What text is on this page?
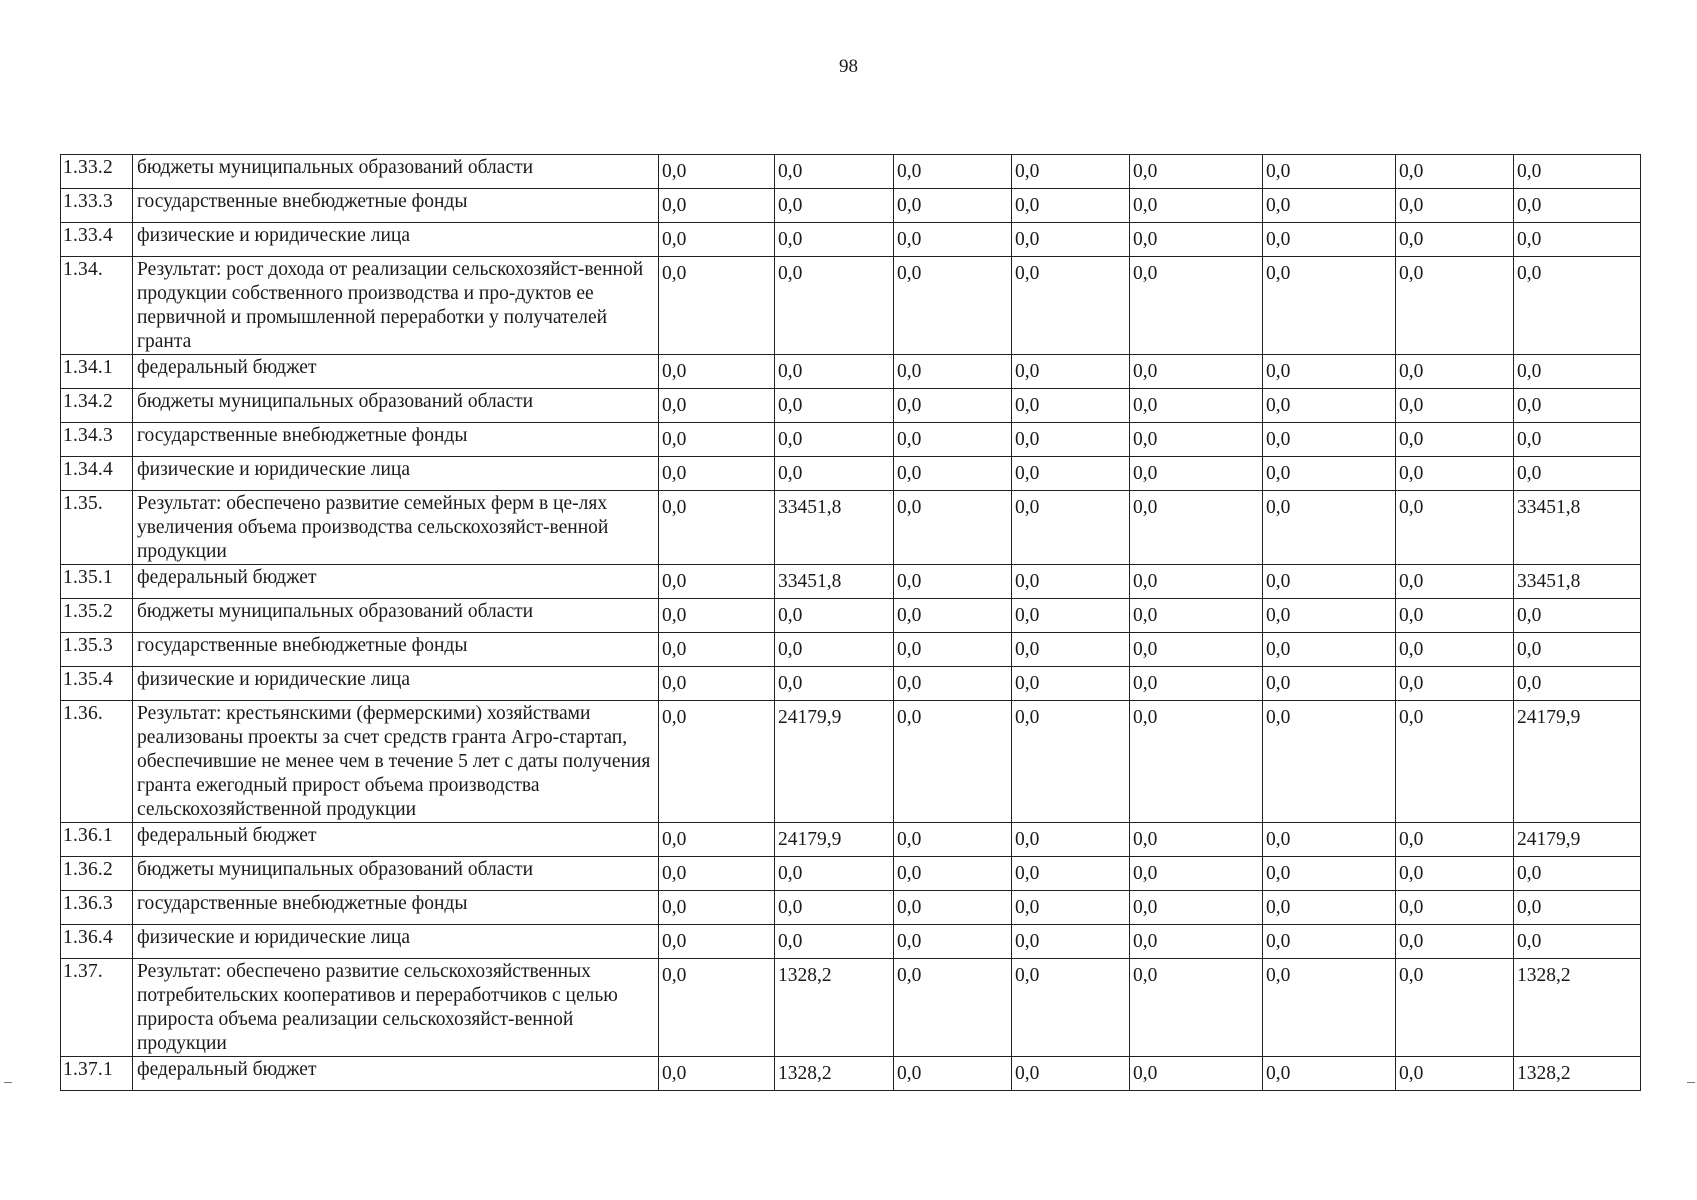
98
1.33.2	бюджеты муниципальных образований области	0,0	0,0	0,0	0,0	0,0	0,0	0,0	0,0
1.33.3	государственные внебюджетные фонды	0,0	0,0	0,0	0,0	0,0	0,0	0,0	0,0
1.33.4	физические и юридические лица	0,0	0,0	0,0	0,0	0,0	0,0	0,0	0,0
1.34.	Результат: рост дохода от реализации сельскохозяйст-венной продукции собственного производства и про-дуктов ее первичной и промышленной переработки у получателей гранта	0,0	0,0	0,0	0,0	0,0	0,0	0,0	0,0
1.34.1	федеральный бюджет	0,0	0,0	0,0	0,0	0,0	0,0	0,0	0,0
1.34.2	бюджеты муниципальных образований области	0,0	0,0	0,0	0,0	0,0	0,0	0,0	0,0
1.34.3	государственные внебюджетные фонды	0,0	0,0	0,0	0,0	0,0	0,0	0,0	0,0
1.34.4	физические и юридические лица	0,0	0,0	0,0	0,0	0,0	0,0	0,0	0,0
1.35.	Результат: обеспечено развитие семейных ферм в це-лях увеличения объема производства сельскохозяйст-венной продукции	0,0	33451,8	0,0	0,0	0,0	0,0	0,0	33451,8
1.35.1	федеральный бюджет	0,0	33451,8	0,0	0,0	0,0	0,0	0,0	33451,8
1.35.2	бюджеты муниципальных образований области	0,0	0,0	0,0	0,0	0,0	0,0	0,0	0,0
1.35.3	государственные внебюджетные фонды	0,0	0,0	0,0	0,0	0,0	0,0	0,0	0,0
1.35.4	физические и юридические лица	0,0	0,0	0,0	0,0	0,0	0,0	0,0	0,0
1.36.	Результат: крестьянскими (фермерскими) хозяйствами реализованы проекты за счет средств гранта Агро-стартап, обеспечившие не менее чем в течение 5 лет с даты получения гранта ежегодный прирост объема производства сельскохозяйственной продукции	0,0	24179,9	0,0	0,0	0,0	0,0	0,0	24179,9
1.36.1	федеральный бюджет	0,0	24179,9	0,0	0,0	0,0	0,0	0,0	24179,9
1.36.2	бюджеты муниципальных образований области	0,0	0,0	0,0	0,0	0,0	0,0	0,0	0,0
1.36.3	государственные внебюджетные фонды	0,0	0,0	0,0	0,0	0,0	0,0	0,0	0,0
1.36.4	физические и юридические лица	0,0	0,0	0,0	0,0	0,0	0,0	0,0	0,0
1.37.	Результат: обеспечено развитие сельскохозяйственных потребительских кооперативов и переработчиков с целью прироста объема реализации сельскохозяйст-венной продукции	0,0	1328,2	0,0	0,0	0,0	0,0	0,0	1328,2
1.37.1	федеральный бюджет	0,0	1328,2	0,0	0,0	0,0	0,0	0,0	1328,2
